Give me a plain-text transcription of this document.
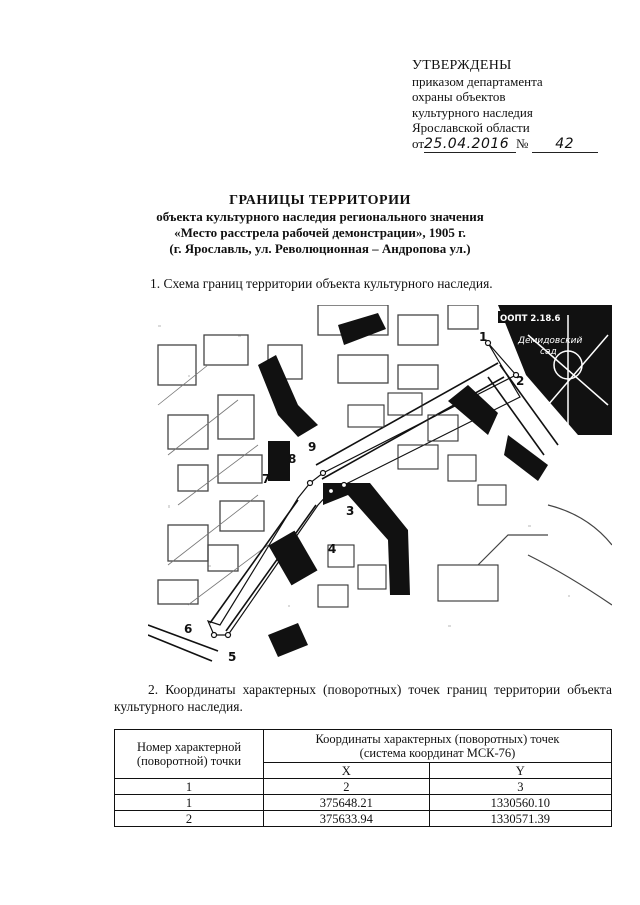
УТВЕРЖДЕНЫ
приказом департамента
охраны объектов
культурного наследия
Ярославской области
от25.04.2016 № 42
ГРАНИЦЫ ТЕРРИТОРИИ
объекта культурного наследия регионального значения
«Место расстрела рабочей демонстрации», 1905 г.
(г. Ярославль, ул. Революционная – Андропова ул.)
1. Схема границ территории объекта культурного наследия.
ООПТ 2.18.6
Демидовский
сад
1
2
3
4
5
6
7
8
9
2. Координаты характерных (поворотных) точек границ территории объекта культурного наследия.
Номер характерной (поворотной) точки	Координаты характерных (поворотных) точек
(система координат МСК-76)	

	X	Y
1	2	3
1	375648.21	1330560.10
2	375633.94	1330571.39
